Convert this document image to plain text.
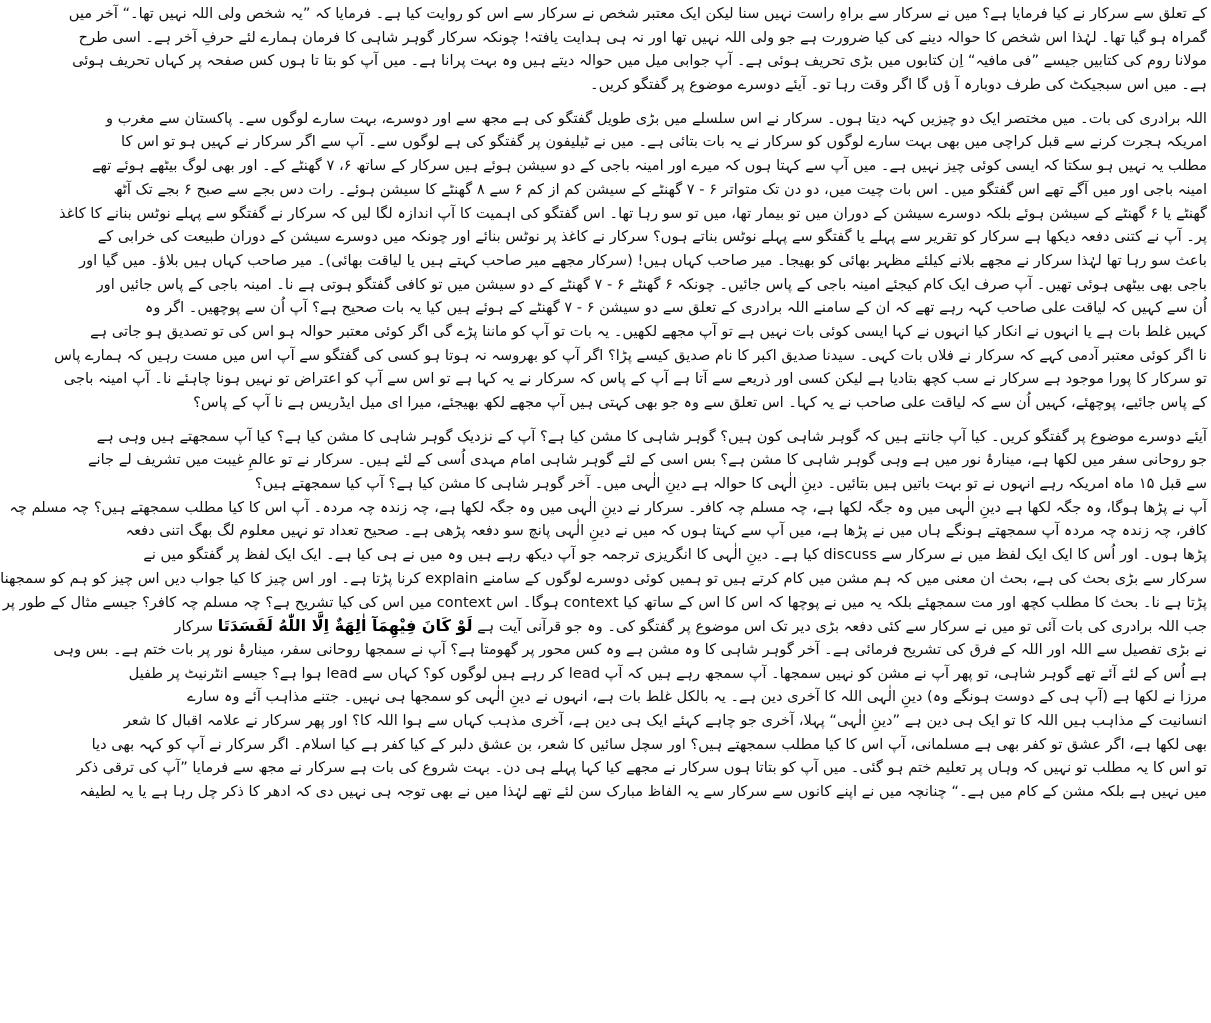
کے تعلق سے سرکار نے کیا فرمایا ہے؟ میں نے سرکار سے براہِ راست نہیں سنا لیکن ایک معتبر شخص نے سرکار سے اس کو روایت کیا ہے۔ فرمایا کہ ”یہ شخص ولی اللہ نہیں تھا۔“ آخر میں
گمراہ ہو گیا تھا۔ لہٰذا اس شخص کا حوالہ دینے کی کیا ضرورت ہے جو ولی اللہ نہیں تھا اور نہ ہی ہدایت یافتہ! چونکہ سرکار گوہر شاہی کا فرمان ہمارے لئے حرفِ آخر ہے۔ اسی طرح
مولانا روم کی کتابیں جیسے ”فی مافیہ“ اِن کتابوں میں بڑی تحریف ہوئی ہے۔ آپ جوابی میل میں حوالہ دیتے ہیں وہ بہت پرانا ہے۔ میں آپ کو بتا تا ہوں کس صفحہ پر کہاں تحریف ہوئی
ہے۔ میں اس سبجیکٹ کی طرف دوبارہ آ ؤں گا اگر وقت رہا تو۔ آیئے دوسرے موضوع پر گفتگو کریں۔
اللہ برادری کی بات۔ میں مختصر ایک دو چیزیں کہہ دیتا ہوں۔ سرکار نے اس سلسلے میں بڑی طویل گفتگو کی ہے مجھ سے اور دوسرے، بہت سارے لوگوں سے۔ پاکستان سے مغرب و
امریکہ ہجرت کرنے سے قبل کراچی میں بھی بہت سارے لوگوں کو سرکار نے یہ بات بتائی ہے۔ میں نے ٹیلیفون پر گفتگو کی ہے لوگوں سے۔ آپ سے اگر سرکار نے کہیں ہو تو اس کا
مطلب یہ نہیں ہو سکتا کہ ایسی کوئی چیز نہیں ہے۔ میں آپ سے کہتا ہوں کہ میرے اور امینہ باجی کے دو سیشن ہوئے ہیں سرکار کے ساتھ ۶، ۷ گھنٹے کے۔ اور بھی لوگ بیٹھے ہوئے تھے
امینہ باجی اور میں آگے تھے اس گفتگو میں۔ اس بات چیت میں، دو دن تک متواتر ۶ - ۷ گھنٹے کے سیشن کم از کم ۶ سے ۸ گھنٹے کا سیشن ہوئے۔ رات دس بجے سے صبح ۶ بجے تک آٹھ
گھنٹے یا ۶ گھنٹے کے سیشن ہوئے بلکہ دوسرے سیشن کے دوران میں تو بیمار تھا، میں تو سو رہا تھا۔ اس گفتگو کی اہمیت کا آپ اندازہ لگا لیں کہ سرکار نے گفتگو سے پہلے نوٹس بنانے کا کاغذ
پر۔ آپ نے کتنی دفعہ دیکھا ہے سرکار کو تقریر سے پہلے یا گفتگو سے پہلے نوٹس بناتے ہوں؟ سرکار نے کاغذ پر نوٹس بنائے اور چونکہ میں دوسرے سیشن کے دوران طبیعت کی خرابی کے
باعث سو رہا تھا لہٰذا سرکار نے مجھے بلانے کیلئے مظہر بھائی کو بھیجا۔ میر صاحب کہاں ہیں! (سرکار مجھے میر صاحب کہتے ہیں یا لیاقت بھائی)۔ میر صاحب کہاں ہیں بلاؤ۔ میں گیا اور
باجی بھی بیٹھی ہوئی تھیں۔ آپ صرف ایک کام کیجئے امینہ باجی کے پاس جائیں۔ چونکہ ۶ گھنٹے ۶ - ۷ گھنٹے کے دو سیشن میں تو کافی گفتگو ہوتی ہے نا۔ امینہ باجی کے پاس جائیں اور
اُن سے کہیں کہ لیاقت علی صاحب کہہ رہے تھے کہ ان کے سامنے اللہ برادری کے تعلق سے دو سیشن ۶ - ۷ گھنٹے کے ہوئے ہیں کیا یہ بات صحیح ہے؟ آپ اُن سے پوچھیں۔ اگر وہ
کہیں غلط بات ہے یا انہوں نے انکار کیا انہوں نے کہا ایسی کوئی بات نہیں ہے تو آپ مجھے لکھیں۔ یہ بات تو آپ کو ماننا پڑے گی اگر کوئی معتبر حوالہ ہو اس کی تو تصدیق ہو جاتی ہے
نا اگر کوئی معتبر آدمی کہے کہ سرکار نے فلاں بات کہی۔ سیدنا صدیق اکبر کا نام صدیق کیسے پڑا؟ اگر آپ کو بھروسہ نہ ہوتا ہو کسی کی گفتگو سے آپ اس میں مست رہیں کہ ہمارے پاس
تو سرکار کا پورا موجود ہے سرکار نے سب کچھ بتادیا ہے لیکن کسی اور ذریعے سے آتا ہے آپ کے پاس کہ سرکار نے یہ کہا ہے تو اس سے آپ کو اعتراض تو نہیں ہونا چاہئے نا۔ آپ امینہ باجی
کے پاس جائیے، پوچھئے، کہیں اُن سے کہ لیاقت علی صاحب نے یہ کہا۔ اس تعلق سے وہ جو بھی کہتی ہیں آپ مجھے لکھ بھیجئے، میرا ای میل ایڈریس ہے نا آپ کے پاس؟
آیئے دوسرے موضوع پر گفتگو کریں۔ کیا آپ جانتے ہیں کہ گوہر شاہی کون ہیں؟ گوہر شاہی کا مشن کیا ہے؟ آپ کے نزدیک گوہر شاہی کا مشن کیا ہے؟ کیا آپ سمجھتے ہیں وہی ہے
جو روحانی سفر میں لکھا ہے، مینارۂ نور میں ہے وہی گوہر شاہی کا مشن ہے؟ بس اسی کے لئے گوہر شاہی امام مہدی اُسی کے لئے ہیں۔ سرکار نے تو عالمِ غیبت میں تشریف لے جانے
سے قبل ۱۵ ماہ امریکہ رہے انہوں نے تو بہت باتیں ہیں بتائیں۔ دینِ الٰہی کا حوالہ ہے دینِ الٰہی میں۔ آخر گوہر شاہی کا مشن کیا ہے؟ آپ کیا سمجھتے ہیں؟
آپ نے پڑھا ہوگا، وہ جگہ لکھا ہے دینِ الٰہی میں وہ جگہ لکھا ہے، چہ مسلم چہ کافر۔ سرکار نے دینِ الٰہی میں وہ جگہ لکھا ہے، چہ زندہ چہ مردہ۔ آپ اس کا کیا مطلب سمجھتے ہیں؟ چہ مسلم چہ
کافر، چہ زندہ چہ مردہ آپ سمجھتے ہونگے ہاں میں نے پڑھا ہے، میں آپ سے کہتا ہوں کہ میں نے دینِ الٰہی پانچ سو دفعہ پڑھی ہے۔ صحیح تعداد تو نہیں معلوم لگ بھگ اتنی دفعہ
پڑھا ہوں۔ اور اُس کا ایک ایک لفظ میں نے سرکار سے discuss کیا ہے۔ دینِ الٰہی کا انگریزی ترجمہ جو آپ دیکھ رہے ہیں وہ میں نے ہی کیا ہے۔ ایک ایک لفظ پر گفتگو میں نے
سرکار سے بڑی بحث کی ہے، بحث ان معنی میں کہ ہم مشن میں کام کرتے ہیں تو ہمیں کوئی دوسرے لوگوں کے سامنے explain کرنا پڑتا ہے۔ اور اس چیز کا کیا جواب دیں اس چیز کو ہم کو سمجھنا
پڑتا ہے نا۔ بحث کا مطلب کچھ اور مت سمجھئے بلکہ یہ میں نے پوچھا کہ اس کا اس کے ساتھ کیا context ہوگا۔ اس context میں اس کی کیا تشریح ہے؟ چہ مسلم چہ کافر؟ جیسے مثال کے طور پر
جب اللہ برادری کی بات آئی تو میں نے سرکار سے کئی دفعہ بڑی دیر تک اس موضوع پر گفتگو کی۔ وہ جو قرآنی آیت ہے لَوْ کَانَ فِیْهِمَآ اٰلِهَةٌ اِلَّا اللّٰهُ لَفَسَدَتَا سرکار
نے بڑی تفصیل سے اللہ اور اللہ کے فرق کی تشریح فرمائی ہے۔ آخر گوہر شاہی کا وہ مشن ہے وہ کس محور پر گھومتا ہے؟ آپ نے سمجھا روحانی سفر، مینارۂ نور پر بات ختم ہے۔ بس وہی
ہے اُس کے لئے آئے تھے گوہر شاہی، تو پھر آپ نے مشن کو نہیں سمجھا۔ آپ سمجھ رہے ہیں کہ آپ lead کر رہے ہیں لوگوں کو؟ کہاں سے lead ہوا ہے؟ جیسے انٹرنیٹ پر طفیل
مرزا نے لکھا ہے (آپ ہی کے دوست ہونگے وہ) دینِ الٰہی اللہ کا آخری دین ہے۔ یہ بالکل غلط بات ہے، انہوں نے دینِ الٰہی کو سمجھا ہی نہیں۔ جتنے مذاہب آئے وہ سارے
انسانیت کے مذاہب ہیں اللہ کا تو ایک ہی دین ہے ”دینِ الٰہی“ پہلا، آخری جو چاہے کہئے ایک ہی دین ہے، آخری مذہب کہاں سے ہوا اللہ کا؟ اور پھر سرکار نے علامہ اقبال کا شعر
بھی لکھا ہے، اگر عشق تو کفر بھی ہے مسلمانی، آپ اس کا کیا مطلب سمجھتے ہیں؟ اور سچل سائیں کا شعر، بن عشق دلبر کے کیا کفر ہے کیا اسلام۔ اگر سرکار نے آپ کو کہہ بھی دیا
تو اس کا یہ مطلب تو نہیں کہ وہاں پر تعلیم ختم ہو گئی۔ میں آپ کو بتاتا ہوں سرکار نے مجھے کیا کہا پہلے ہی دن۔ بہت شروع کی بات ہے سرکار نے مجھ سے فرمایا ”آپ کی ترقی ذکر
میں نہیں ہے بلکہ مشن کے کام میں ہے۔“ چنانچہ میں نے اپنے کانوں سے سرکار سے یہ الفاظ مبارک سن لئے تھے لہٰذا میں نے بھی توجہ ہی نہیں دی کہ ادھر کا ذکر چل رہا ہے یا یہ لطیفہ
